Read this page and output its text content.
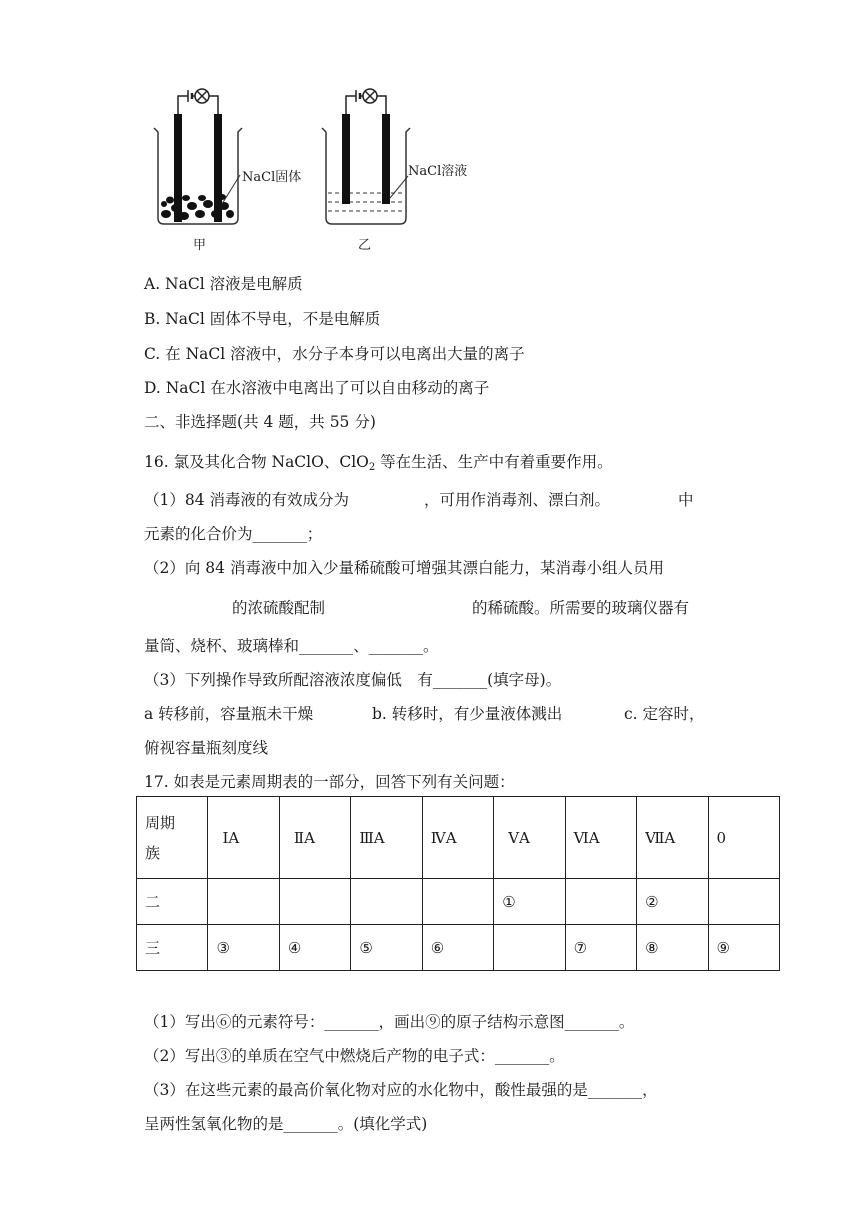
NaCl固体
甲
NaCl溶液
乙
A. NaCl 溶液是电解质
B. NaCl 固体不导电，不是电解质
C. 在 NaCl 溶液中，水分子本身可以电离出大量的离子
D. NaCl 在水溶液中电离出了可以自由移动的离子
二、非选择题(共 4 题，共 55 分)
16. 氯及其化合物 NaClO、ClO$_2$ 等在生活、生产中有着重要作用。
（1）84 消毒液的有效成分为	，可用作消毒剂、漂白剂。	中
元素的化合价为_______；
（2）向 84 消毒液中加入少量稀硫酸可增强其漂白能力，某消毒小组人员用
的浓硫酸配制	的稀硫酸。所需要的玻璃仪器有
量筒、烧杯、玻璃棒和_______、_______。
（3）下列操作导致所配溶液浓度偏低　有_______(填字母)。
a 转移前，容量瓶未干燥	b. 转移时，有少量液体溅出	c. 定容时，
俯视容量瓶刻度线
17. 如表是元素周期表的一部分，回答下列有关问题：
周期
族	ⅠA	ⅡA	ⅢA	ⅣA	ⅤA	ⅥA	ⅦA	0
二					①		②	
三	③	④	⑤	⑥		⑦	⑧	⑨
（1）写出⑥的元素符号：_______，画出⑨的原子结构示意图_______。
（2）写出③的单质在空气中燃烧后产物的电子式：_______。
（3）在这些元素的最高价氧化物对应的水化物中，酸性最强的是_______，
呈两性氢氧化物的是_______。(填化学式)
